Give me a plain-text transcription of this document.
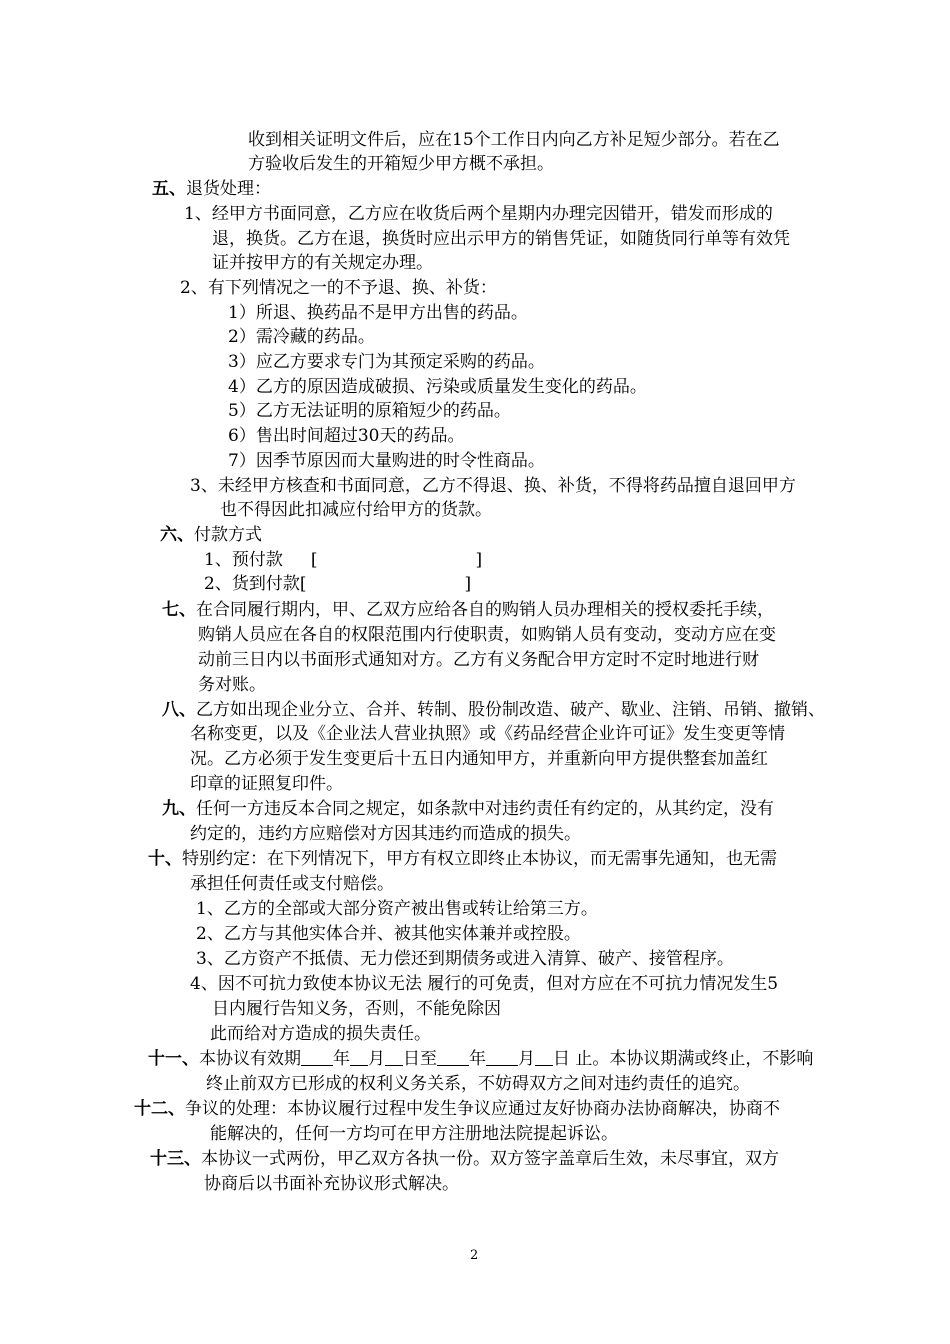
收到相关证明文件后，应在15个工作日内向乙方补足短少部分。若在乙
方验收后发生的开箱短少甲方概不承担。
五、退货处理：
1、经甲方书面同意，乙方应在收货后两个星期内办理完因错开，错发而形成的
退，换货。乙方在退，换货时应出示甲方的销售凭证，如随货同行单等有效凭
证并按甲方的有关规定办理。
2、有下列情况之一的不予退、换、补货：
1）所退、换药品不是甲方出售的药品。
2）需冷藏的药品。
3）应乙方要求专门为其预定采购的药品。
4）乙方的原因造成破损、污染或质量发生变化的药品。
5）乙方无法证明的原箱短少的药品。
6）售出时间超过30天的药品。
7）因季节原因而大量购进的时令性商品。
3、未经甲方核查和书面同意，乙方不得退、换、补货，不得将药品擅自退回甲方
也不得因此扣减应付给甲方的货款。
六、付款方式
1、预付款 [	]
2、货到付款[	]
七、在合同履行期内，甲、乙双方应给各自的购销人员办理相关的授权委托手续，
购销人员应在各自的权限范围内行使职责，如购销人员有变动，变动方应在变
动前三日内以书面形式通知对方。乙方有义务配合甲方定时不定时地进行财
务对账。
八、乙方如出现企业分立、合并、转制、股份制改造、破产、歇业、注销、吊销、撤销、
名称变更，以及《企业法人营业执照》或《药品经营企业许可证》发生变更等情
况。乙方必须于发生变更后十五日内通知甲方，并重新向甲方提供整套加盖红
印章的证照复印件。
九、任何一方违反本合同之规定，如条款中对违约责任有约定的，从其约定，没有
约定的，违约方应赔偿对方因其违约而造成的损失。
十、特别约定：在下列情况下，甲方有权立即终止本协议，而无需事先通知，也无需
承担任何责任或支付赔偿。
1、乙方的全部或大部分资产被出售或转让给第三方。
2、乙方与其他实体合并、被其他实体兼并或控股。
3、乙方资产不抵债、无力偿还到期债务或进入清算、破产、接管程序。
4、因不可抗力致使本协议无法 履行的可免责，但对方应在不可抗力情况发生5
日内履行告知义务，否则，不能免除因
此而给对方造成的损失责任。
十一、本协议有效期 年 月 日至 年 月 日 止。本协议期满或终止，不影响
终止前双方已形成的权利义务关系，不妨碍双方之间对违约责任的追究。
十二、争议的处理：本协议履行过程中发生争议应通过友好协商办法协商解决，协商不
能解决的，任何一方均可在甲方注册地法院提起诉讼。
十三、本协议一式两份，甲乙双方各执一份。双方签字盖章后生效，未尽事宜，双方
协商后以书面补充协议形式解决。
2
